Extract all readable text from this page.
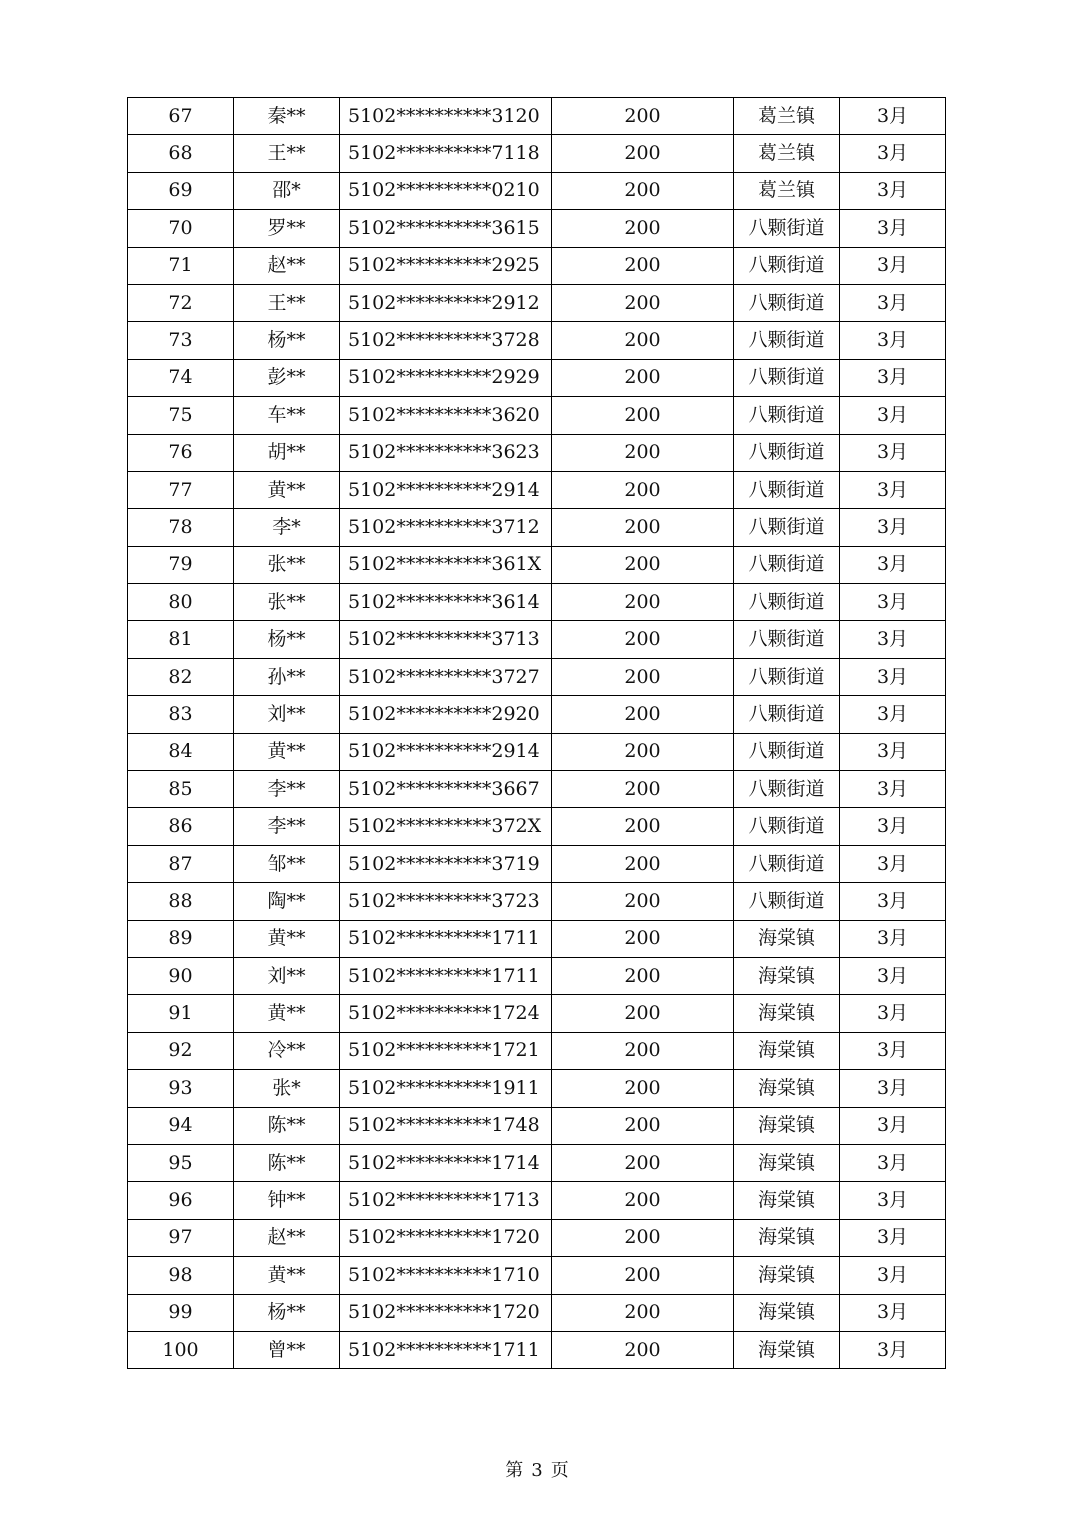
67	秦**	5102**********3120	200	葛兰镇	3月
68	王**	5102**********7118	200	葛兰镇	3月
69	邵*	5102**********0210	200	葛兰镇	3月
70	罗**	5102**********3615	200	八颗街道	3月
71	赵**	5102**********2925	200	八颗街道	3月
72	王**	5102**********2912	200	八颗街道	3月
73	杨**	5102**********3728	200	八颗街道	3月
74	彭**	5102**********2929	200	八颗街道	3月
75	车**	5102**********3620	200	八颗街道	3月
76	胡**	5102**********3623	200	八颗街道	3月
77	黄**	5102**********2914	200	八颗街道	3月
78	李*	5102**********3712	200	八颗街道	3月
79	张**	5102**********361X	200	八颗街道	3月
80	张**	5102**********3614	200	八颗街道	3月
81	杨**	5102**********3713	200	八颗街道	3月
82	孙**	5102**********3727	200	八颗街道	3月
83	刘**	5102**********2920	200	八颗街道	3月
84	黄**	5102**********2914	200	八颗街道	3月
85	李**	5102**********3667	200	八颗街道	3月
86	李**	5102**********372X	200	八颗街道	3月
87	邹**	5102**********3719	200	八颗街道	3月
88	陶**	5102**********3723	200	八颗街道	3月
89	黄**	5102**********1711	200	海棠镇	3月
90	刘**	5102**********1711	200	海棠镇	3月
91	黄**	5102**********1724	200	海棠镇	3月
92	冷**	5102**********1721	200	海棠镇	3月
93	张*	5102**********1911	200	海棠镇	3月
94	陈**	5102**********1748	200	海棠镇	3月
95	陈**	5102**********1714	200	海棠镇	3月
96	钟**	5102**********1713	200	海棠镇	3月
97	赵**	5102**********1720	200	海棠镇	3月
98	黄**	5102**********1710	200	海棠镇	3月
99	杨**	5102**********1720	200	海棠镇	3月
100	曾**	5102**********1711	200	海棠镇	3月
第 3 页
